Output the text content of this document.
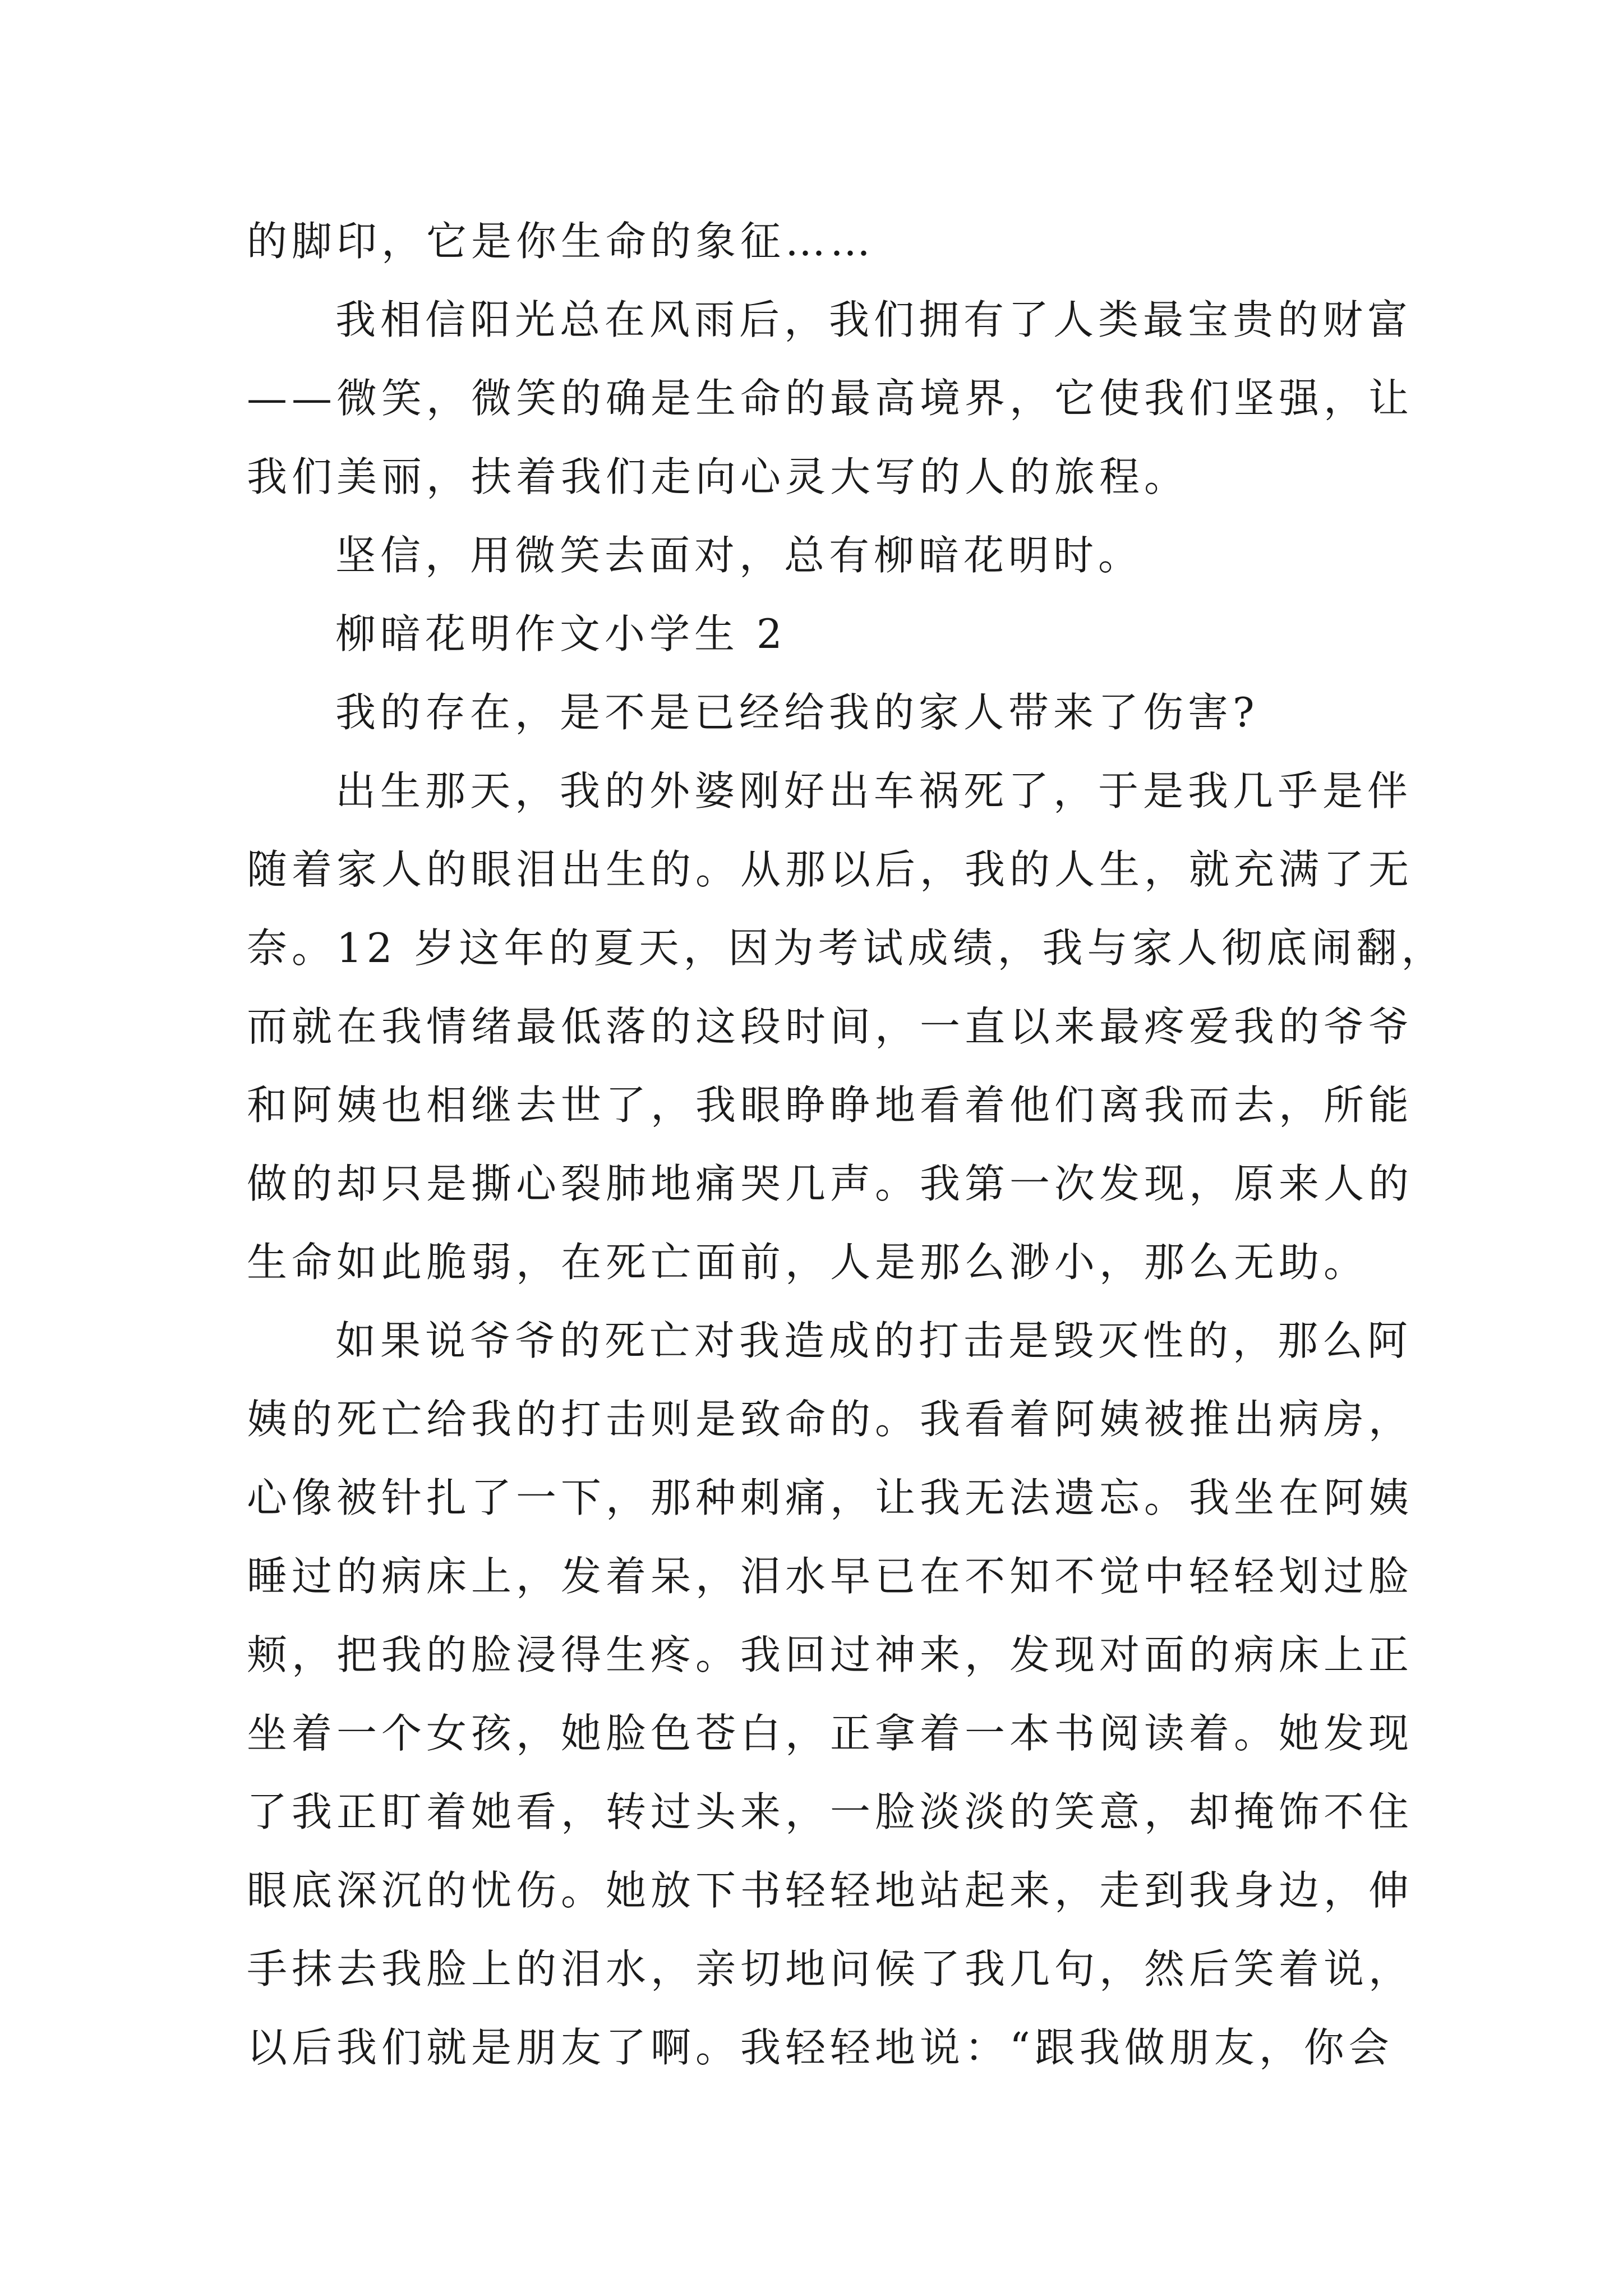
的脚印，它是你生命的象征……
我相信阳光总在风雨后，我们拥有了人类最宝贵的财富
——微笑，微笑的确是生命的最高境界，它使我们坚强，让
我们美丽，扶着我们走向心灵大写的人的旅程。
坚信，用微笑去面对，总有柳暗花明时。
柳暗花明作文小学生 2
我的存在，是不是已经给我的家人带来了伤害?
出生那天，我的外婆刚好出车祸死了，于是我几乎是伴
随着家人的眼泪出生的。从那以后，我的人生，就充满了无
奈。12 岁这年的夏天，因为考试成绩，我与家人彻底闹翻，
而就在我情绪最低落的这段时间，一直以来最疼爱我的爷爷
和阿姨也相继去世了，我眼睁睁地看着他们离我而去，所能
做的却只是撕心裂肺地痛哭几声。我第一次发现，原来人的
生命如此脆弱，在死亡面前，人是那么渺小，那么无助。
如果说爷爷的死亡对我造成的打击是毁灭性的，那么阿
姨的死亡给我的打击则是致命的。我看着阿姨被推出病房，
心像被针扎了一下，那种刺痛，让我无法遗忘。我坐在阿姨
睡过的病床上，发着呆，泪水早已在不知不觉中轻轻划过脸
颊，把我的脸浸得生疼。我回过神来，发现对面的病床上正
坐着一个女孩，她脸色苍白，正拿着一本书阅读着。她发现
了我正盯着她看，转过头来，一脸淡淡的笑意，却掩饰不住
眼底深沉的忧伤。她放下书轻轻地站起来，走到我身边，伸
手抹去我脸上的泪水，亲切地问候了我几句，然后笑着说，
以后我们就是朋友了啊。我轻轻地说：“跟我做朋友，你会
